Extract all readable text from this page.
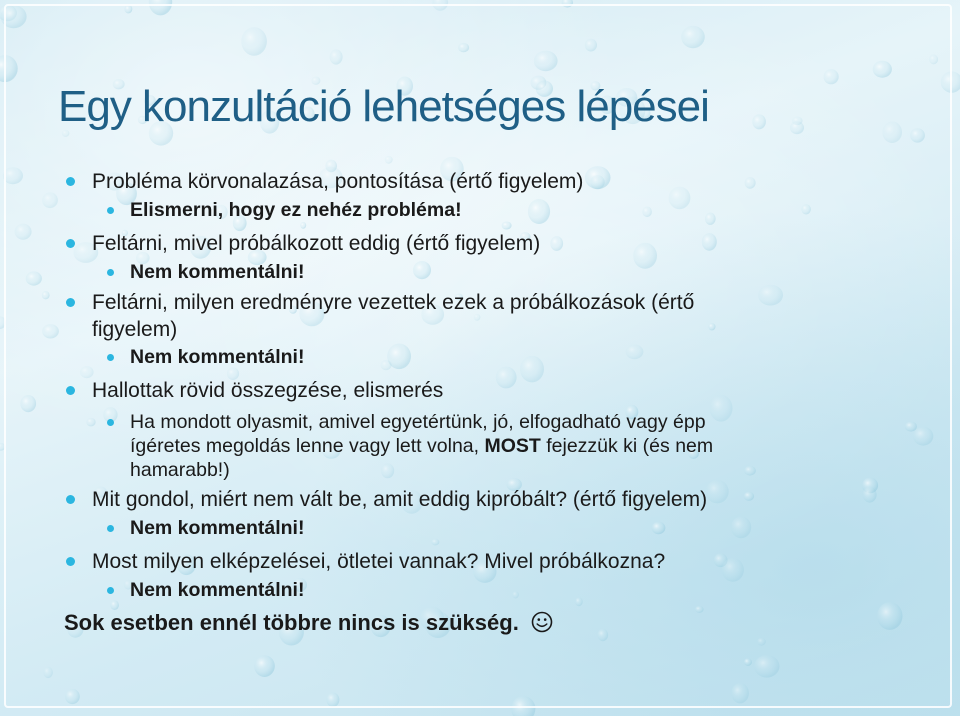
Egy konzultáció lehetséges lépései
Probléma körvonalazása, pontosítása (értő figyelem)
Elismerni, hogy ez nehéz probléma!
Feltárni, mivel próbálkozott eddig (értő figyelem)
Nem kommentálni!
Feltárni, milyen eredményre vezettek ezek a próbálkozások (értő
figyelem)
Nem kommentálni!
Hallottak rövid összegzése, elismerés
Ha mondott olyasmit, amivel egyetértünk, jó, elfogadható vagy épp
ígéretes megoldás lenne vagy lett volna, MOST fejezzük ki (és nem
hamarabb!)
Mit gondol, miért nem vált be, amit eddig kipróbált? (értő figyelem)
Nem kommentálni!
Most milyen elképzelései, ötletei vannak? Mivel próbálkozna?
Nem kommentálni!
Sok esetben ennél többre nincs is szükség.
